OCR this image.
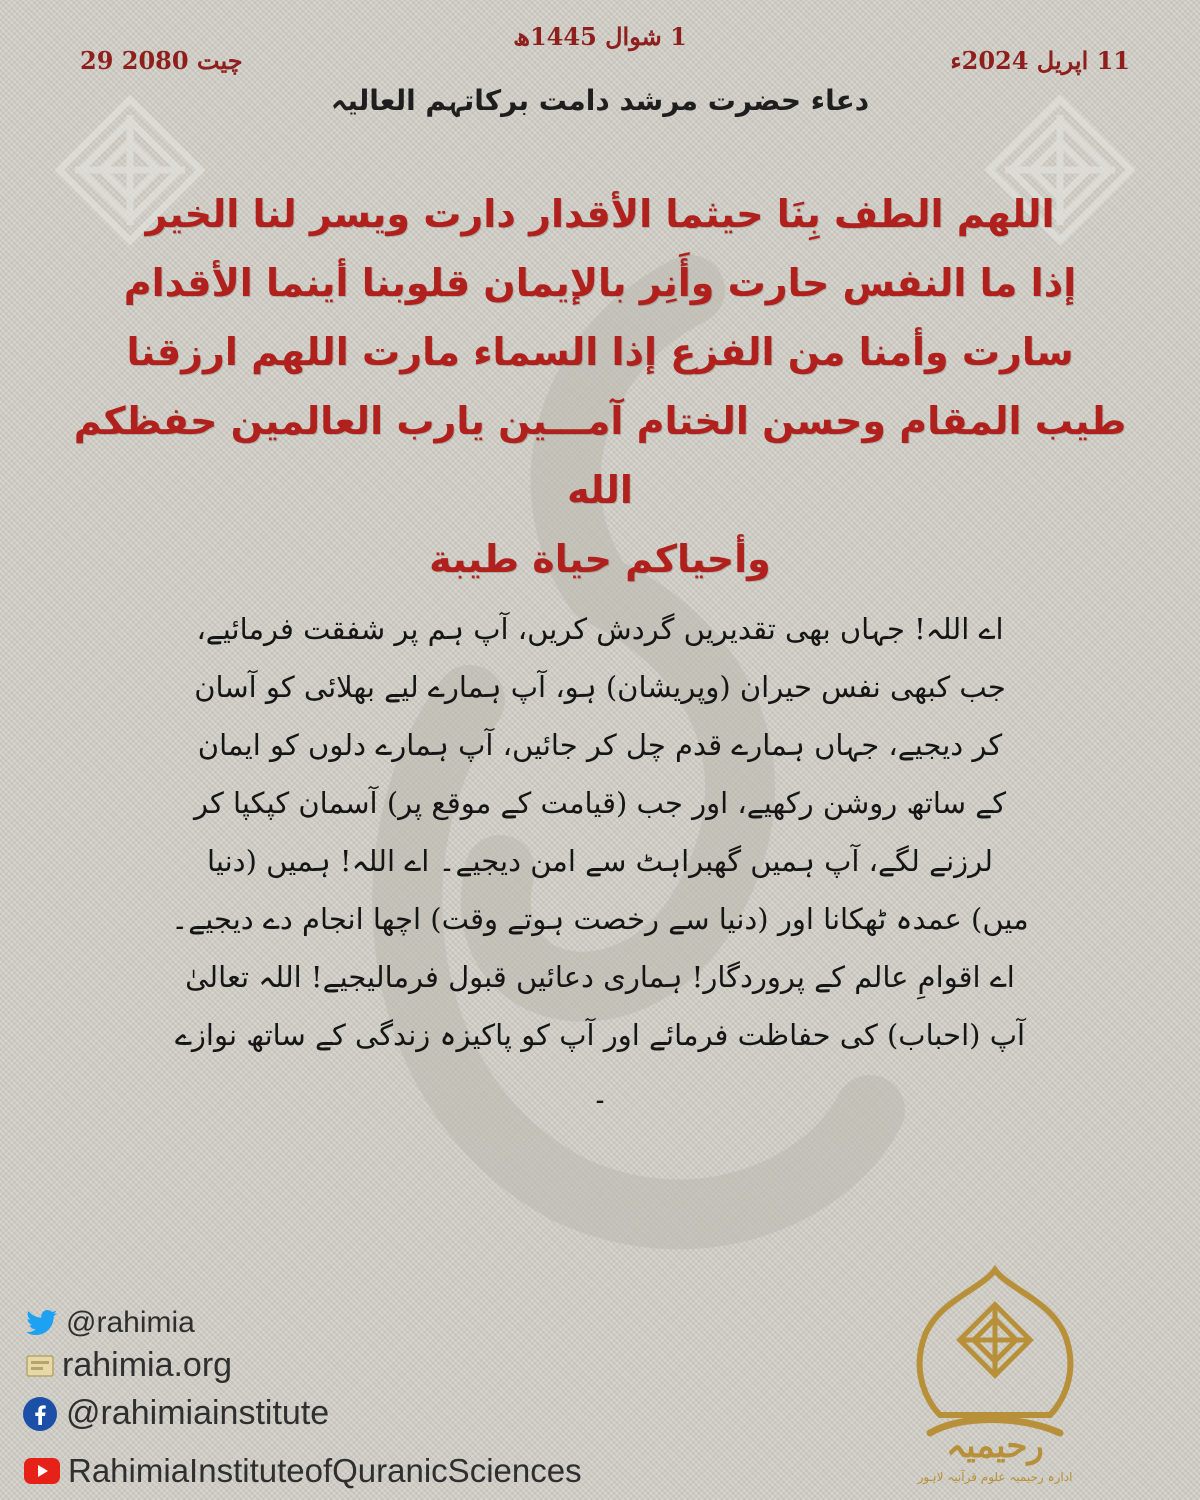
1 شوال 1445ھ
29 چیت 2080	11 اپریل 2024ء
دعاء حضرت مرشد دامت برکاتہم العالیہ
اللهم الطف بِنَا حيثما الأقدار دارت ويسر لنا الخير
إذا ما النفس حارت وأَنِر بالإيمان قلوبنا أينما الأقدام
سارت وأمنا من الفزع إذا السماء مارت اللهم ارزقنا
طيب المقام وحسن الختام آمـــين يارب العالمين حفظكم الله
وأحياكم حياة طيبة
اے اللہ! جہاں بھی تقدیریں گردش کریں، آپ ہم پر شفقت فرمائیے،
جب کبھی نفس حیران (وپریشان) ہو، آپ ہمارے لیے بھلائی کو آسان
کر دیجیے، جہاں ہمارے قدم چل کر جائیں، آپ ہمارے دلوں کو ایمان
کے ساتھ روشن رکھیے، اور جب (قیامت کے موقع پر) آسمان کپکپا کر
لرزنے لگے، آپ ہمیں گھبراہٹ سے امن دیجیے۔ اے اللہ! ہمیں (دنیا
میں) عمدہ ٹھکانا اور (دنیا سے رخصت ہوتے وقت) اچھا انجام دے دیجیے۔
اے اقوامِ عالم کے پروردگار! ہماری دعائیں قبول فرمالیجیے! اللہ تعالیٰ
آپ (احباب) کی حفاظت فرمائے اور آپ کو پاکیزہ زندگی کے ساتھ نوازے
۔
@rahimia
rahimia.org
@rahimiainstitute
RahimiaInstituteofQuranicSciences
رحیمیہ
ادارہ رحیمیہ علوم قرآنیہ لاہور
